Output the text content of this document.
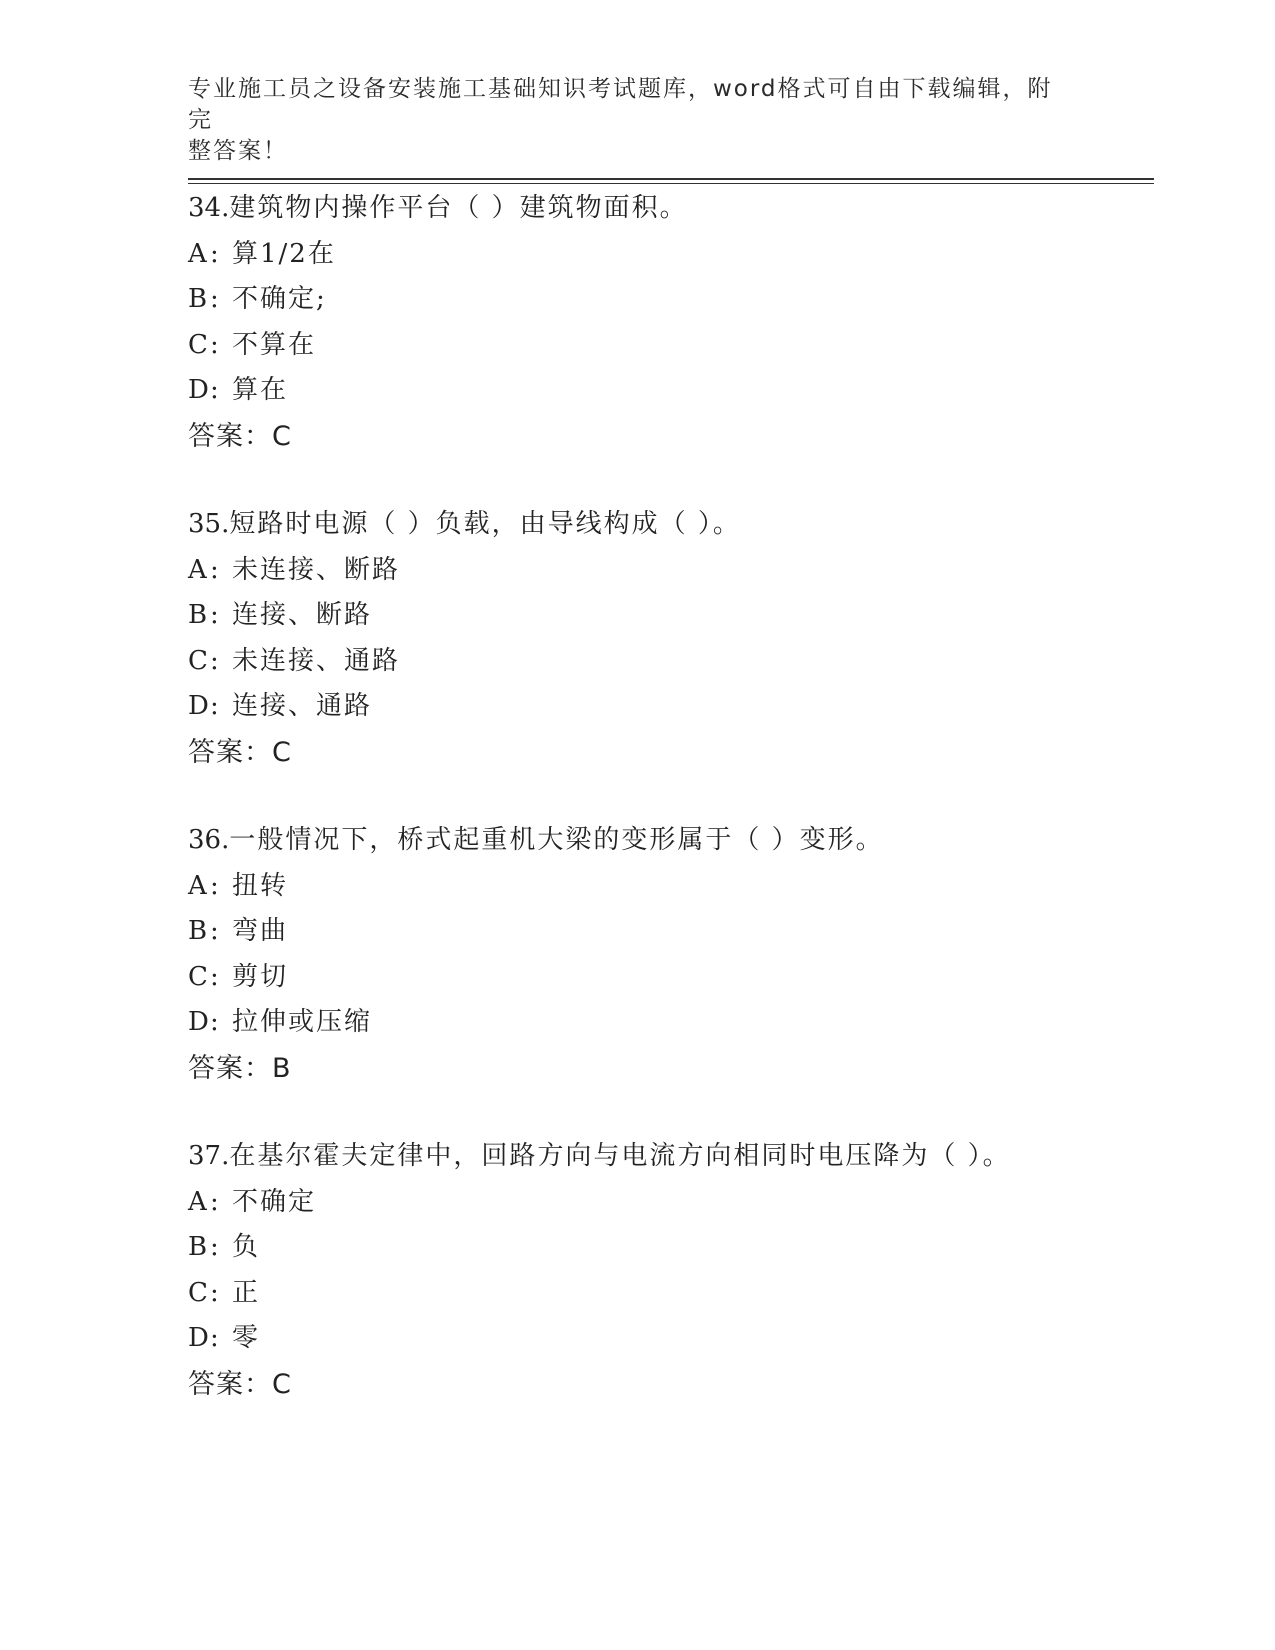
专业施工员之设备安装施工基础知识考试题库，word格式可自由下载编辑，附完
整答案！
34.建筑物内操作平台（ ）建筑物面积。
A: 算1/2在
B: 不确定;
C: 不算在
D: 算在
答案：C
35.短路时电源（ ）负载，由导线构成（ ）。
A: 未连接、断路
B: 连接、断路
C: 未连接、通路
D: 连接、通路
答案：C
36.一般情况下，桥式起重机大梁的变形属于（ ）变形。
A: 扭转
B: 弯曲
C: 剪切
D: 拉伸或压缩
答案：B
37.在基尔霍夫定律中，回路方向与电流方向相同时电压降为（ ）。
A: 不确定
B: 负
C: 正
D: 零
答案：C
